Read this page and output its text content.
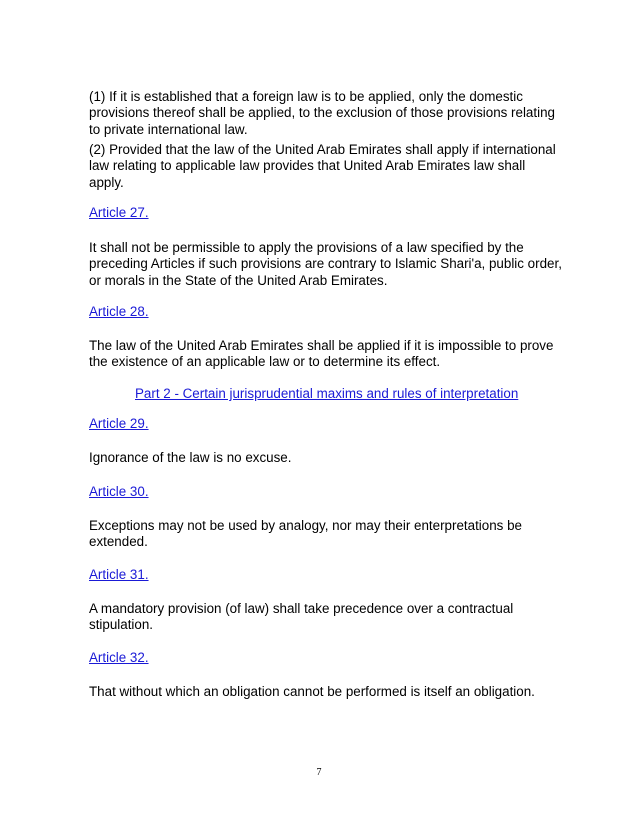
(1) If it is established that a foreign law is to be applied, only the domestic
provisions thereof shall be applied, to the exclusion of those provisions relating
to private international law.
(2) Provided that the law of the United Arab Emirates shall apply if international
law relating to applicable law provides that United Arab Emirates law shall
apply.
Article 27.
It shall not be permissible to apply the provisions of a law specified by the
preceding Articles if such provisions are contrary to Islamic Shari'a, public order,
or morals in the State of the United Arab Emirates.
Article 28.
The law of the United Arab Emirates shall be applied if it is impossible to prove
the existence of an applicable law or to determine its effect.
Part 2 - Certain jurisprudential maxims and rules of interpretation
Article 29.
Ignorance of the law is no excuse.
Article 30.
Exceptions may not be used by analogy, nor may their enterpretations be
extended.
Article 31.
A mandatory provision (of law) shall take precedence over a contractual
stipulation.
Article 32.
That without which an obligation cannot be performed is itself an obligation.
7
